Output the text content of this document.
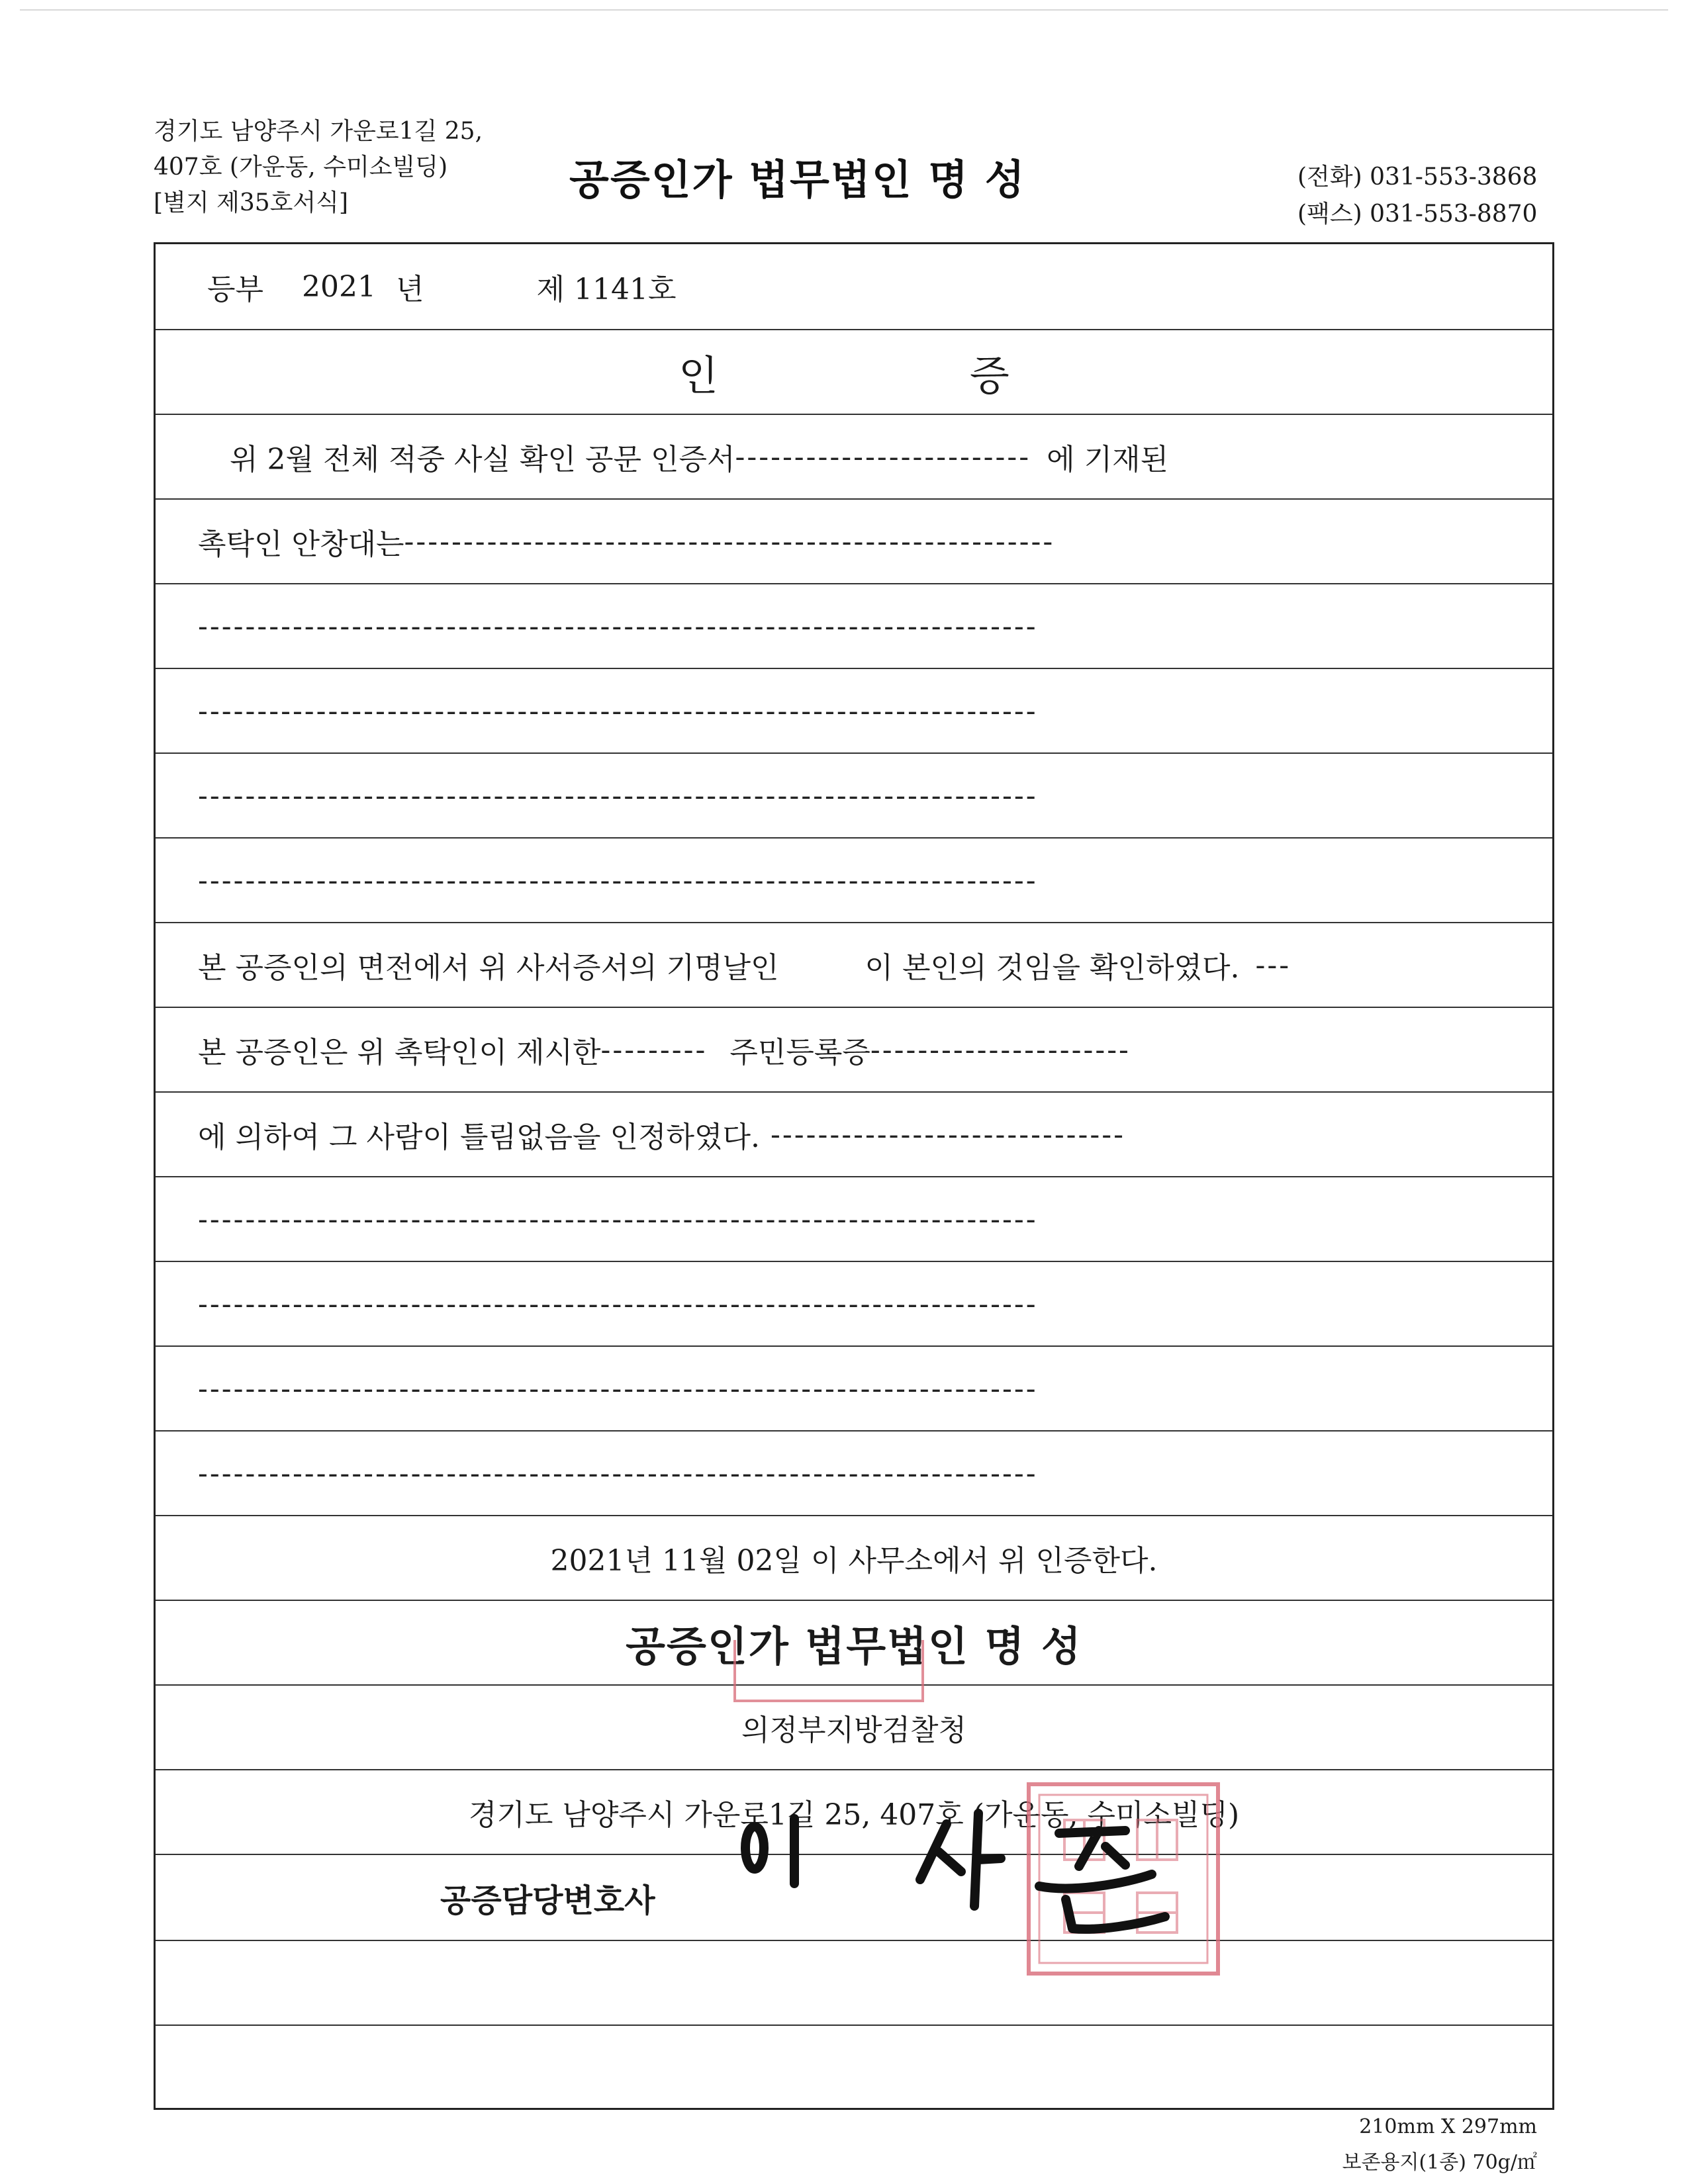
경기도 남양주시 가운로1길 25,
407호 (가운동, 수미소빌딩)
[별지 제35호서식]	공증인가 법무법인 명 성	(전화) 031-553-3868
(팩스) 031-553-8870
등부 2021 년	제 1141호
인	증
위 2월 전체 적중 사실 확인 공문 인증서 ------------------------- 에 기재된
촉탁인 안창대는 -------------------------------------------------------
-----------------------------------------------------------------------
-----------------------------------------------------------------------
-----------------------------------------------------------------------
-----------------------------------------------------------------------
본 공증인의 면전에서 위 사서증서의 기명날인	이 본인의 것임을 확인하였다. ---
본 공증인은 위 촉탁인이 제시한 --------- 주민등록증 ----------------------
에 의하여 그 사람이 틀림없음을 인정하였다. ------------------------------
-----------------------------------------------------------------------
-----------------------------------------------------------------------
-----------------------------------------------------------------------
-----------------------------------------------------------------------
2021년 11월 02일 이 사무소에서 위 인증한다.
공증인가 법무법인 명 성
의정부지방검찰청
경기도 남양주시 가운로1길 25, 407호 (가운동, 수미소빌딩)
공증담당변호사
210mm X 297mm
보존용지(1종) 70g/㎡
